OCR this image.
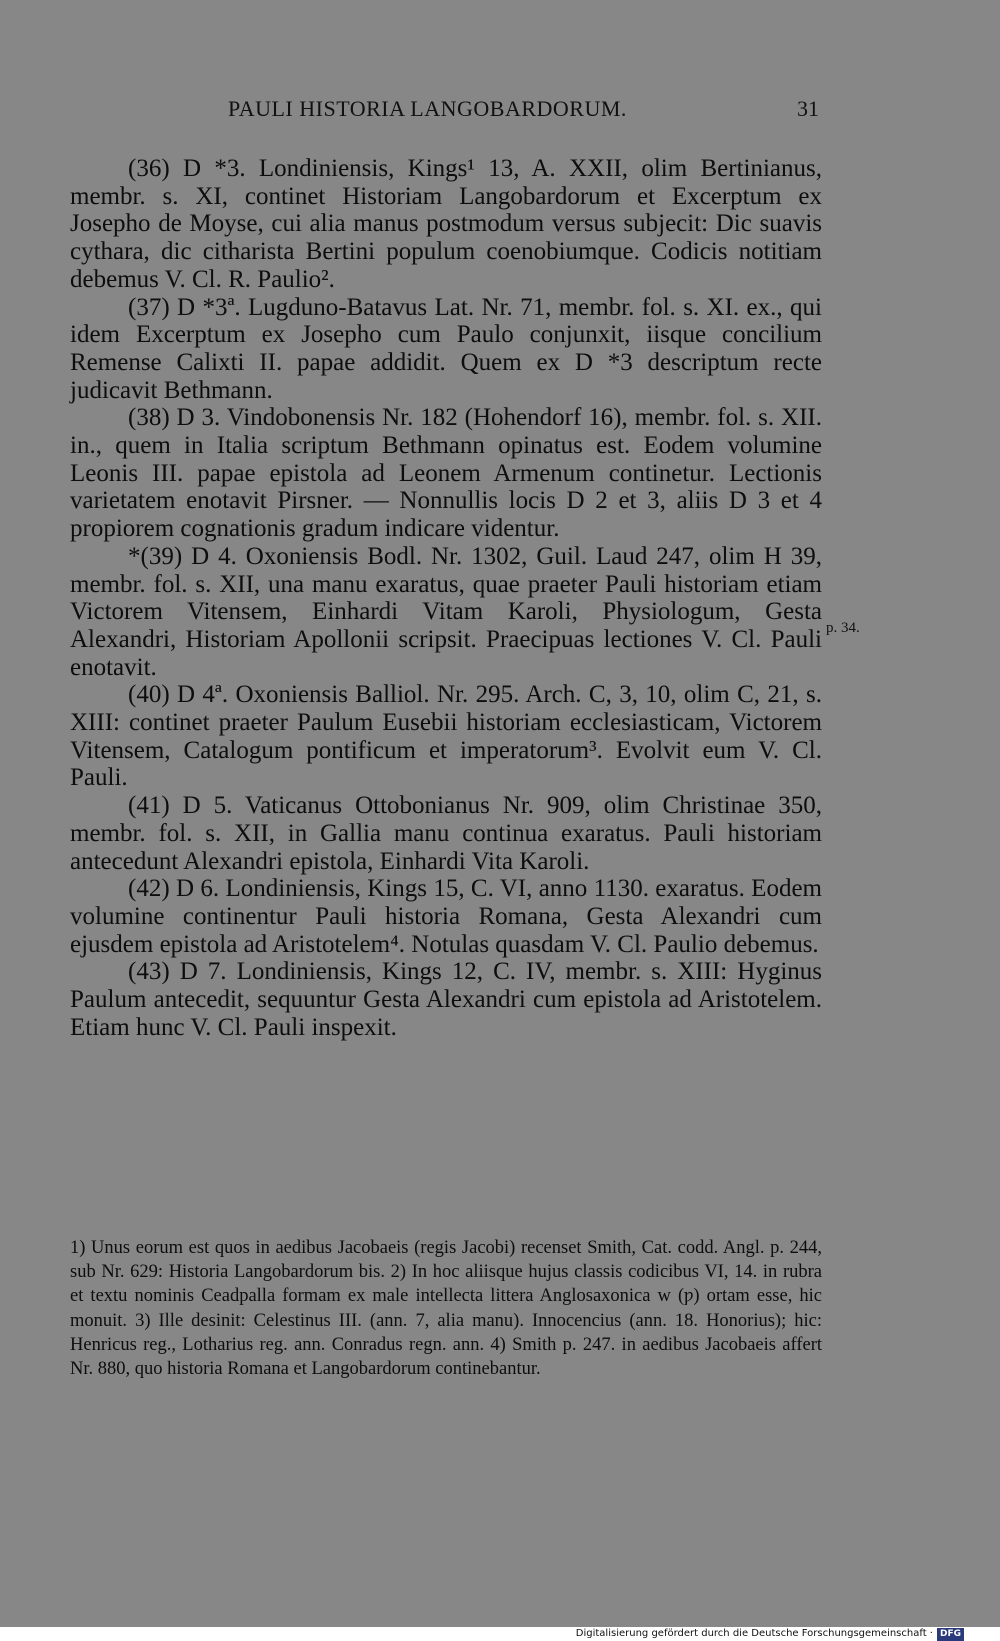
PAULI HISTORIA LANGOBARDORUM.	31

(36) D *3. Londiniensis, Kings¹ 13, A. XXII, olim Bertinianus, membr. s. XI, continet Historiam Langobardorum et Excerptum ex Josepho de Moyse, cui alia manus postmodum versus subjecit: Dic suavis cythara, dic citharista Bertini populum coenobiumque. Codicis notitiam debemus V. Cl. R. Paulio².

(37) D *3ª. Lugduno-Batavus Lat. Nr. 71, membr. fol. s. XI. ex., qui idem Excerptum ex Josepho cum Paulo conjunxit, iisque concilium Remense Calixti II. papae addidit. Quem ex D *3 descriptum recte judicavit Bethmann.

(38) D 3. Vindobonensis Nr. 182 (Hohendorf 16), membr. fol. s. XII. in., quem in Italia scriptum Bethmann opinatus est. Eodem volumine Leonis III. papae epistola ad Leonem Armenum continetur. Lectionis varietatem enotavit Pirsner. — Nonnullis locis D 2 et 3, aliis D 3 et 4 propiorem cognationis gradum indicare videntur.

*(39) D 4. Oxoniensis Bodl. Nr. 1302, Guil. Laud 247, olim H 39, membr. fol. s. XII, una manu exaratus, quae praeter Pauli historiam etiam Victorem Vitensem, Einhardi Vitam Karoli, Physiologum, Gesta Alexandri, Historiam Apollonii scripsit. Praecipuas lectiones V. Cl. Pauli enotavit.

(40) D 4ª. Oxoniensis Balliol. Nr. 295. Arch. C, 3, 10, olim C, 21, s. XIII: continet praeter Paulum Eusebii historiam ecclesiasticam, Victorem Vitensem, Catalogum pontificum et imperatorum³. Evolvit eum V. Cl. Pauli.

(41) D 5. Vaticanus Ottobonianus Nr. 909, olim Christinae 350, membr. fol. s. XII, in Gallia manu continua exaratus. Pauli historiam antecedunt Alexandri epistola, Einhardi Vita Karoli.

(42) D 6. Londiniensis, Kings 15, C. VI, anno 1130. exaratus. Eodem volumine continentur Pauli historia Romana, Gesta Alexandri cum ejusdem epistola ad Aristotelem⁴. Notulas quasdam V. Cl. Paulio debemus.

(43) D 7. Londiniensis, Kings 12, C. IV, membr. s. XIII: Hyginus Paulum antecedit, sequuntur Gesta Alexandri cum epistola ad Aristotelem. Etiam hunc V. Cl. Pauli inspexit.

p. 34.

1) Unus eorum est quos in aedibus Jacobaeis (regis Jacobi) recenset Smith, Cat. codd. Angl. p. 244, sub Nr. 629: Historia Langobardorum bis. 2) In hoc aliisque hujus classis codicibus VI, 14. in rubra et textu nominis Ceadpalla formam ex male intellecta littera Anglosaxonica w (ƿ) ortam esse, hic monuit. 3) Ille desinit: Celestinus III. (ann. 7, alia manu). Innocencius (ann. 18. Honorius); hic: Henricus reg., Lotharius reg. ann. Conradus regn. ann. 4) Smith p. 247. in aedibus Jacobaeis affert Nr. 880, quo historia Romana et Langobardorum continebantur.

Digitalisierung gefördert durch die Deutsche Forschungsgemeinschaft · DFG
